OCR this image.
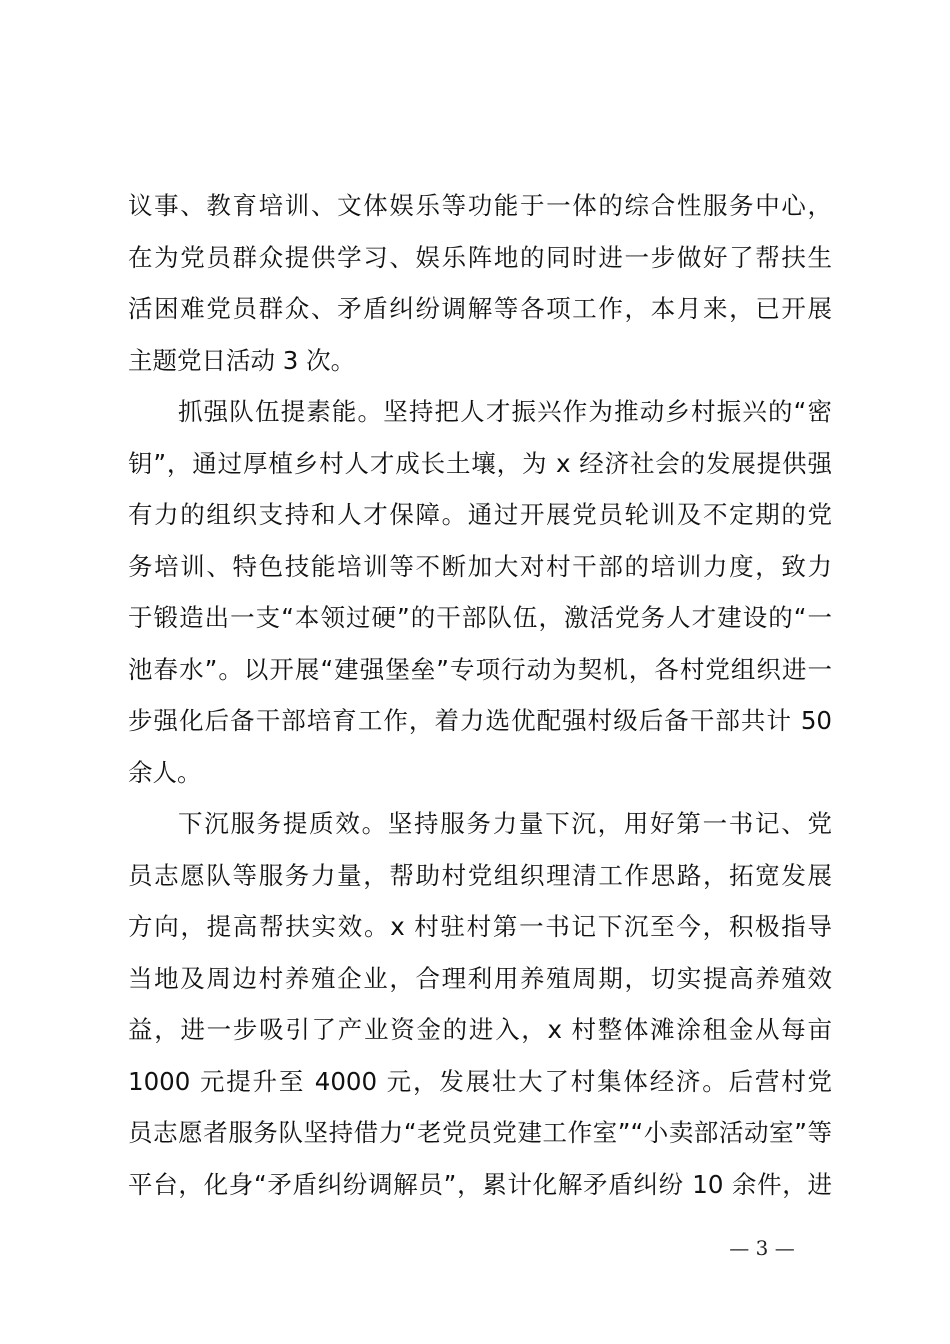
议事、教育培训、文体娱乐等功能于一体的综合性服务中心，
在为党员群众提供学习、娱乐阵地的同时进一步做好了帮扶生
活困难党员群众、矛盾纠纷调解等各项工作，本月来，已开展
主题党日活动 3 次。
抓强队伍提素能。坚持把人才振兴作为推动乡村振兴的“密
钥”，通过厚植乡村人才成长土壤，为 x 经济社会的发展提供强
有力的组织支持和人才保障。通过开展党员轮训及不定期的党
务培训、特色技能培训等不断加大对村干部的培训力度，致力
于锻造出一支“本领过硬”的干部队伍，激活党务人才建设的“一
池春水”。以开展“建强堡垒”专项行动为契机，各村党组织进一
步强化后备干部培育工作，着力选优配强村级后备干部共计 50
余人。
下沉服务提质效。坚持服务力量下沉，用好第一书记、党
员志愿队等服务力量，帮助村党组织理清工作思路，拓宽发展
方向，提高帮扶实效。x 村驻村第一书记下沉至今，积极指导
当地及周边村养殖企业，合理利用养殖周期，切实提高养殖效
益，进一步吸引了产业资金的进入，x 村整体滩涂租金从每亩
1000 元提升至 4000 元，发展壮大了村集体经济。后营村党
员志愿者服务队坚持借力“老党员党建工作室”“小卖部活动室”等
平台，化身“矛盾纠纷调解员”，累计化解矛盾纠纷 10 余件，进
— 3 —
